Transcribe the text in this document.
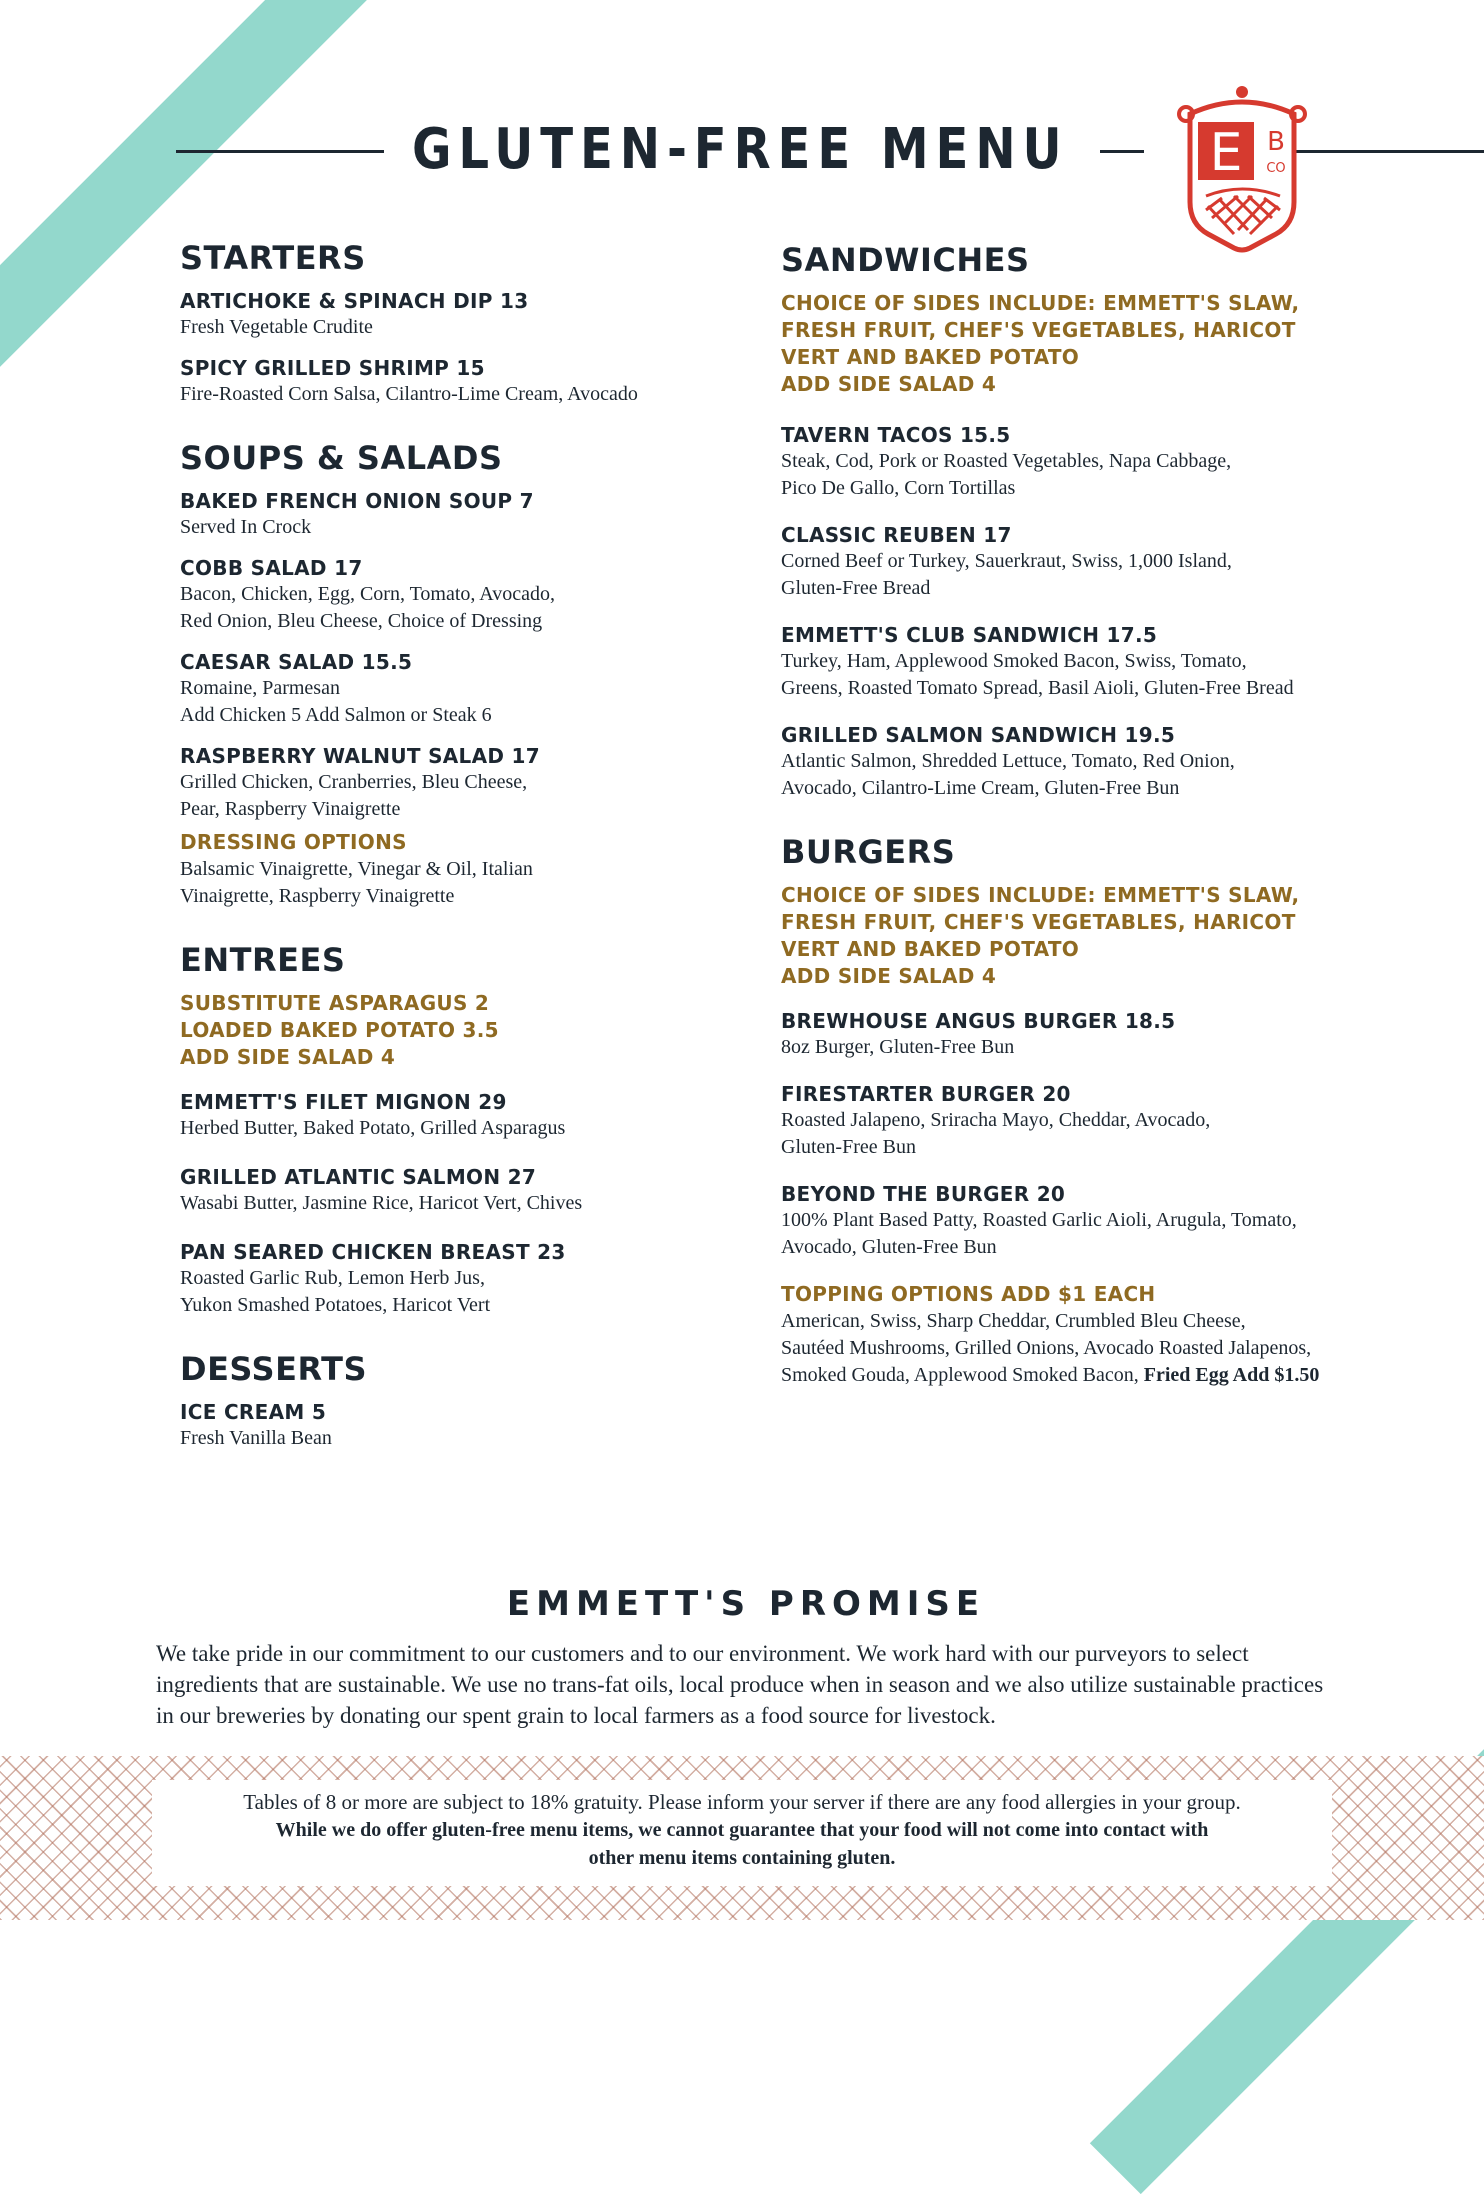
GLUTEN-FREE MENU	E B
CO
STARTERS
ARTICHOKE & SPINACH DIP 13
Fresh Vegetable Crudite
SPICY GRILLED SHRIMP 15
Fire-Roasted Corn Salsa, Cilantro-Lime Cream, Avocado
SOUPS & SALADS
BAKED FRENCH ONION SOUP 7
Served In Crock
COBB SALAD 17
Bacon, Chicken, Egg, Corn, Tomato, Avocado,
Red Onion, Bleu Cheese, Choice of Dressing
CAESAR SALAD 15.5
Romaine, Parmesan
Add Chicken 5 Add Salmon or Steak 6
RASPBERRY WALNUT SALAD 17
Grilled Chicken, Cranberries, Bleu Cheese,
Pear, Raspberry Vinaigrette
DRESSING OPTIONS
Balsamic Vinaigrette, Vinegar & Oil, Italian
Vinaigrette, Raspberry Vinaigrette
ENTREES
SUBSTITUTE ASPARAGUS 2
LOADED BAKED POTATO 3.5
ADD SIDE SALAD 4
EMMETT'S FILET MIGNON 29
Herbed Butter, Baked Potato, Grilled Asparagus
GRILLED ATLANTIC SALMON 27
Wasabi Butter, Jasmine Rice, Haricot Vert, Chives
PAN SEARED CHICKEN BREAST 23
Roasted Garlic Rub, Lemon Herb Jus,
Yukon Smashed Potatoes, Haricot Vert
DESSERTS
ICE CREAM 5
Fresh Vanilla Bean
SANDWICHES
CHOICE OF SIDES INCLUDE: EMMETT'S SLAW,
FRESH FRUIT, CHEF'S VEGETABLES, HARICOT
VERT AND BAKED POTATO
ADD SIDE SALAD 4
TAVERN TACOS 15.5
Steak, Cod, Pork or Roasted Vegetables, Napa Cabbage,
Pico De Gallo, Corn Tortillas
CLASSIC REUBEN 17
Corned Beef or Turkey, Sauerkraut, Swiss, 1,000 Island,
Gluten-Free Bread
EMMETT'S CLUB SANDWICH 17.5
Turkey, Ham, Applewood Smoked Bacon, Swiss, Tomato,
Greens, Roasted Tomato Spread, Basil Aioli, Gluten-Free Bread
GRILLED SALMON SANDWICH 19.5
Atlantic Salmon, Shredded Lettuce, Tomato, Red Onion,
Avocado, Cilantro-Lime Cream, Gluten-Free Bun
BURGERS
CHOICE OF SIDES INCLUDE: EMMETT'S SLAW,
FRESH FRUIT, CHEF'S VEGETABLES, HARICOT
VERT AND BAKED POTATO
ADD SIDE SALAD 4
BREWHOUSE ANGUS BURGER 18.5
8oz Burger, Gluten-Free Bun
FIRESTARTER BURGER 20
Roasted Jalapeno, Sriracha Mayo, Cheddar, Avocado,
Gluten-Free Bun
BEYOND THE BURGER 20
100% Plant Based Patty, Roasted Garlic Aioli, Arugula, Tomato,
Avocado, Gluten-Free Bun
TOPPING OPTIONS ADD $1 EACH
American, Swiss, Sharp Cheddar, Crumbled Bleu Cheese,
Sautéed Mushrooms, Grilled Onions, Avocado Roasted Jalapenos,
Smoked Gouda, Applewood Smoked Bacon, Fried Egg Add $1.50
EMMETT'S PROMISE

We take pride in our commitment to our customers and to our environment. We work hard with our purveyors to select ingredients that are sustainable. We use no trans-fat oils, local produce when in season and we also utilize sustainable practices in our breweries by donating our spent grain to local farmers as a food source for livestock.

Tables of 8 or more are subject to 18% gratuity. Please inform your server if there are any food allergies in your group.
While we do offer gluten-free menu items, we cannot guarantee that your food will not come into contact with other menu items containing gluten.
